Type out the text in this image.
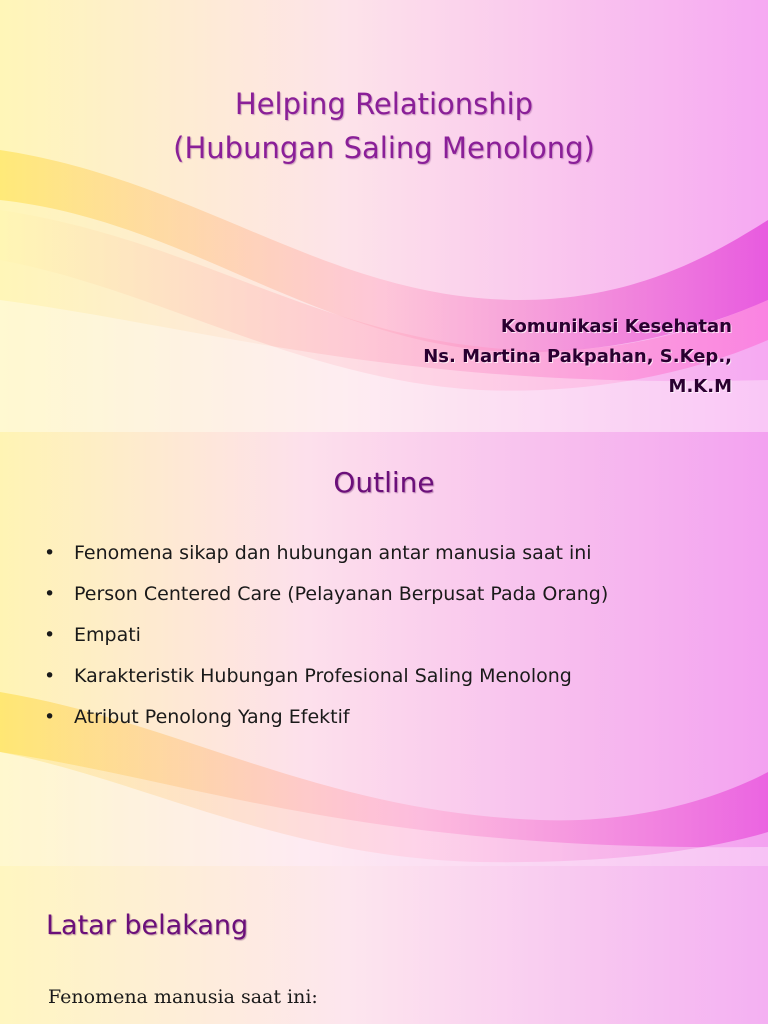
Helping Relationship
(Hubungan Saling Menolong)
Komunikasi Kesehatan
Ns. Martina Pakpahan, S.Kep.,
M.K.M
Outline
• Fenomena sikap dan hubungan antar manusia saat ini
• Person Centered Care (Pelayanan Berpusat Pada Orang)
• Empati
• Karakteristik Hubungan Profesional Saling Menolong
• Atribut Penolong Yang Efektif
Latar belakang
Fenomena manusia saat ini:
